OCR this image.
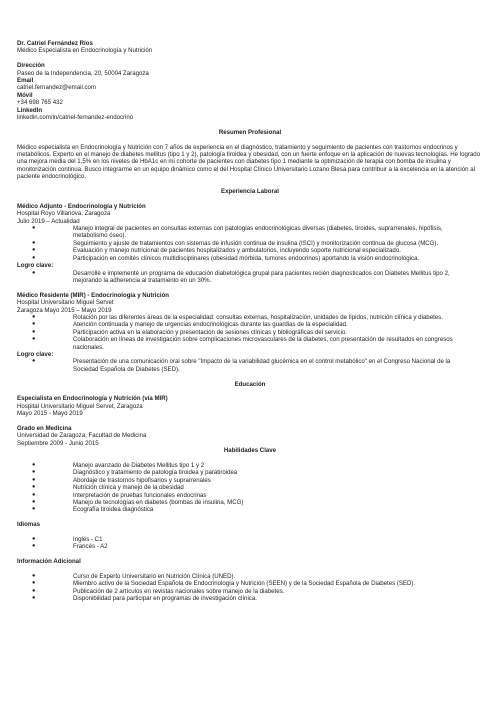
Dr. Catriel Fernández Ríos
Médico Especialista en Endocrinología y Nutrición
Dirección
Paseo de la Independencia, 20, 50004 Zaragoza
Email
catriel.fernandez@email.com
Móvil
+34 698 765 432
LinkedIn
linkedin.com/in/catriel-fernandez-endocrino
Resumen Profesional

Médico especialista en Endocrinología y Nutrición con 7 años de experiencia en el diagnóstico, tratamiento y seguimiento de pacientes con trastornos endocrinos y metabólicos. Experto en el manejo de diabetes mellitus (tipo 1 y 2), patología tiroidea y obesidad, con un fuerte enfoque en la aplicación de nuevas tecnologías. He logrado una mejora media del 1.5% en los niveles de HbA1c en mi cohorte de pacientes con diabetes tipo 1 mediante la optimización de terapia con bomba de insulina y monitorización continua. Busco integrarme en un equipo dinámico como el del Hospital Clínico Universitario Lozano Blesa para contribuir a la excelencia en la atención al paciente endocrinológico.

Experiencia Laboral
Médico Adjunto - Endocrinología y Nutrición
Hospital Royo Villanova, Zaragoza
Julio 2019 – Actualidad
●	Manejo integral de pacientes en consultas externas con patologías endocrinológicas diversas (diabetes, tiroides, suprarrenales, hipófisis, metabolismo óseo).
●	Seguimiento y ajuste de tratamientos con sistemas de infusión continua de insulina (ISCI) y monitorización continua de glucosa (MCG).
●	Evaluación y manejo nutricional de pacientes hospitalizados y ambulatorios, incluyendo soporte nutricional especializado.
●	Participación en comités clínicos multidisciplinares (obesidad mórbida, tumores endocrinos) aportando la visión endocrinológica.
Logro clave:
●	Desarrollé e implementé un programa de educación diabetológica grupal para pacientes recién diagnosticados con Diabetes Mellitus tipo 2, mejorando la adherencia al tratamiento en un 30%.
Médico Residente (MIR) - Endocrinología y Nutrición
Hospital Universitario Miguel Servet
Zaragoza Mayo 2015 – Mayo 2019
●	Rotación por las diferentes áreas de la especialidad: consultas externas, hospitalización, unidades de lípidos, nutrición clínica y diabetes.
●	Atención continuada y manejo de urgencias endocrinológicas durante las guardias de la especialidad.
●	Participación activa en la elaboración y presentación de sesiones clínicas y bibliográficas del servicio.
●	Colaboración en líneas de investigación sobre complicaciones microvasculares de la diabetes, con presentación de resultados en congresos nacionales.
Logro clave:
●	Presentación de una comunicación oral sobre "Impacto de la variabilidad glucémica en el control metabólico" en el Congreso Nacional de la Sociedad Española de Diabetes (SED).
Educación
Especialista en Endocrinología y Nutrición (vía MIR)
Hospital Universitario Miguel Servet, Zaragoza
Mayo 2015 - Mayo 2019
Grado en Medicina
Universidad de Zaragoza, Facultad de Medicina
Septiembre 2009 - Junio 2015
Habilidades Clave
●	Manejo avanzado de Diabetes Mellitus tipo 1 y 2
●	Diagnóstico y tratamiento de patología tiroidea y paratiroidea
●	Abordaje de trastornos hipofisarios y suprarrenales
●	Nutrición clínica y manejo de la obesidad
●	Interpretación de pruebas funcionales endocrinas
●	Manejo de tecnologías en diabetes (bombas de insulina, MCG)
●	Ecografía tiroidea diagnóstica
Idiomas
●	Inglés - C1
●	Francés - A2
Información Adicional
●	Curso de Experto Universitario en Nutrición Clínica (UNED).
●	Miembro activo de la Sociedad Española de Endocrinología y Nutrición (SEEN) y de la Sociedad Española de Diabetes (SED).
●	Publicación de 2 artículos en revistas nacionales sobre manejo de la diabetes.
●	Disponibilidad para participar en programas de investigación clínica.
